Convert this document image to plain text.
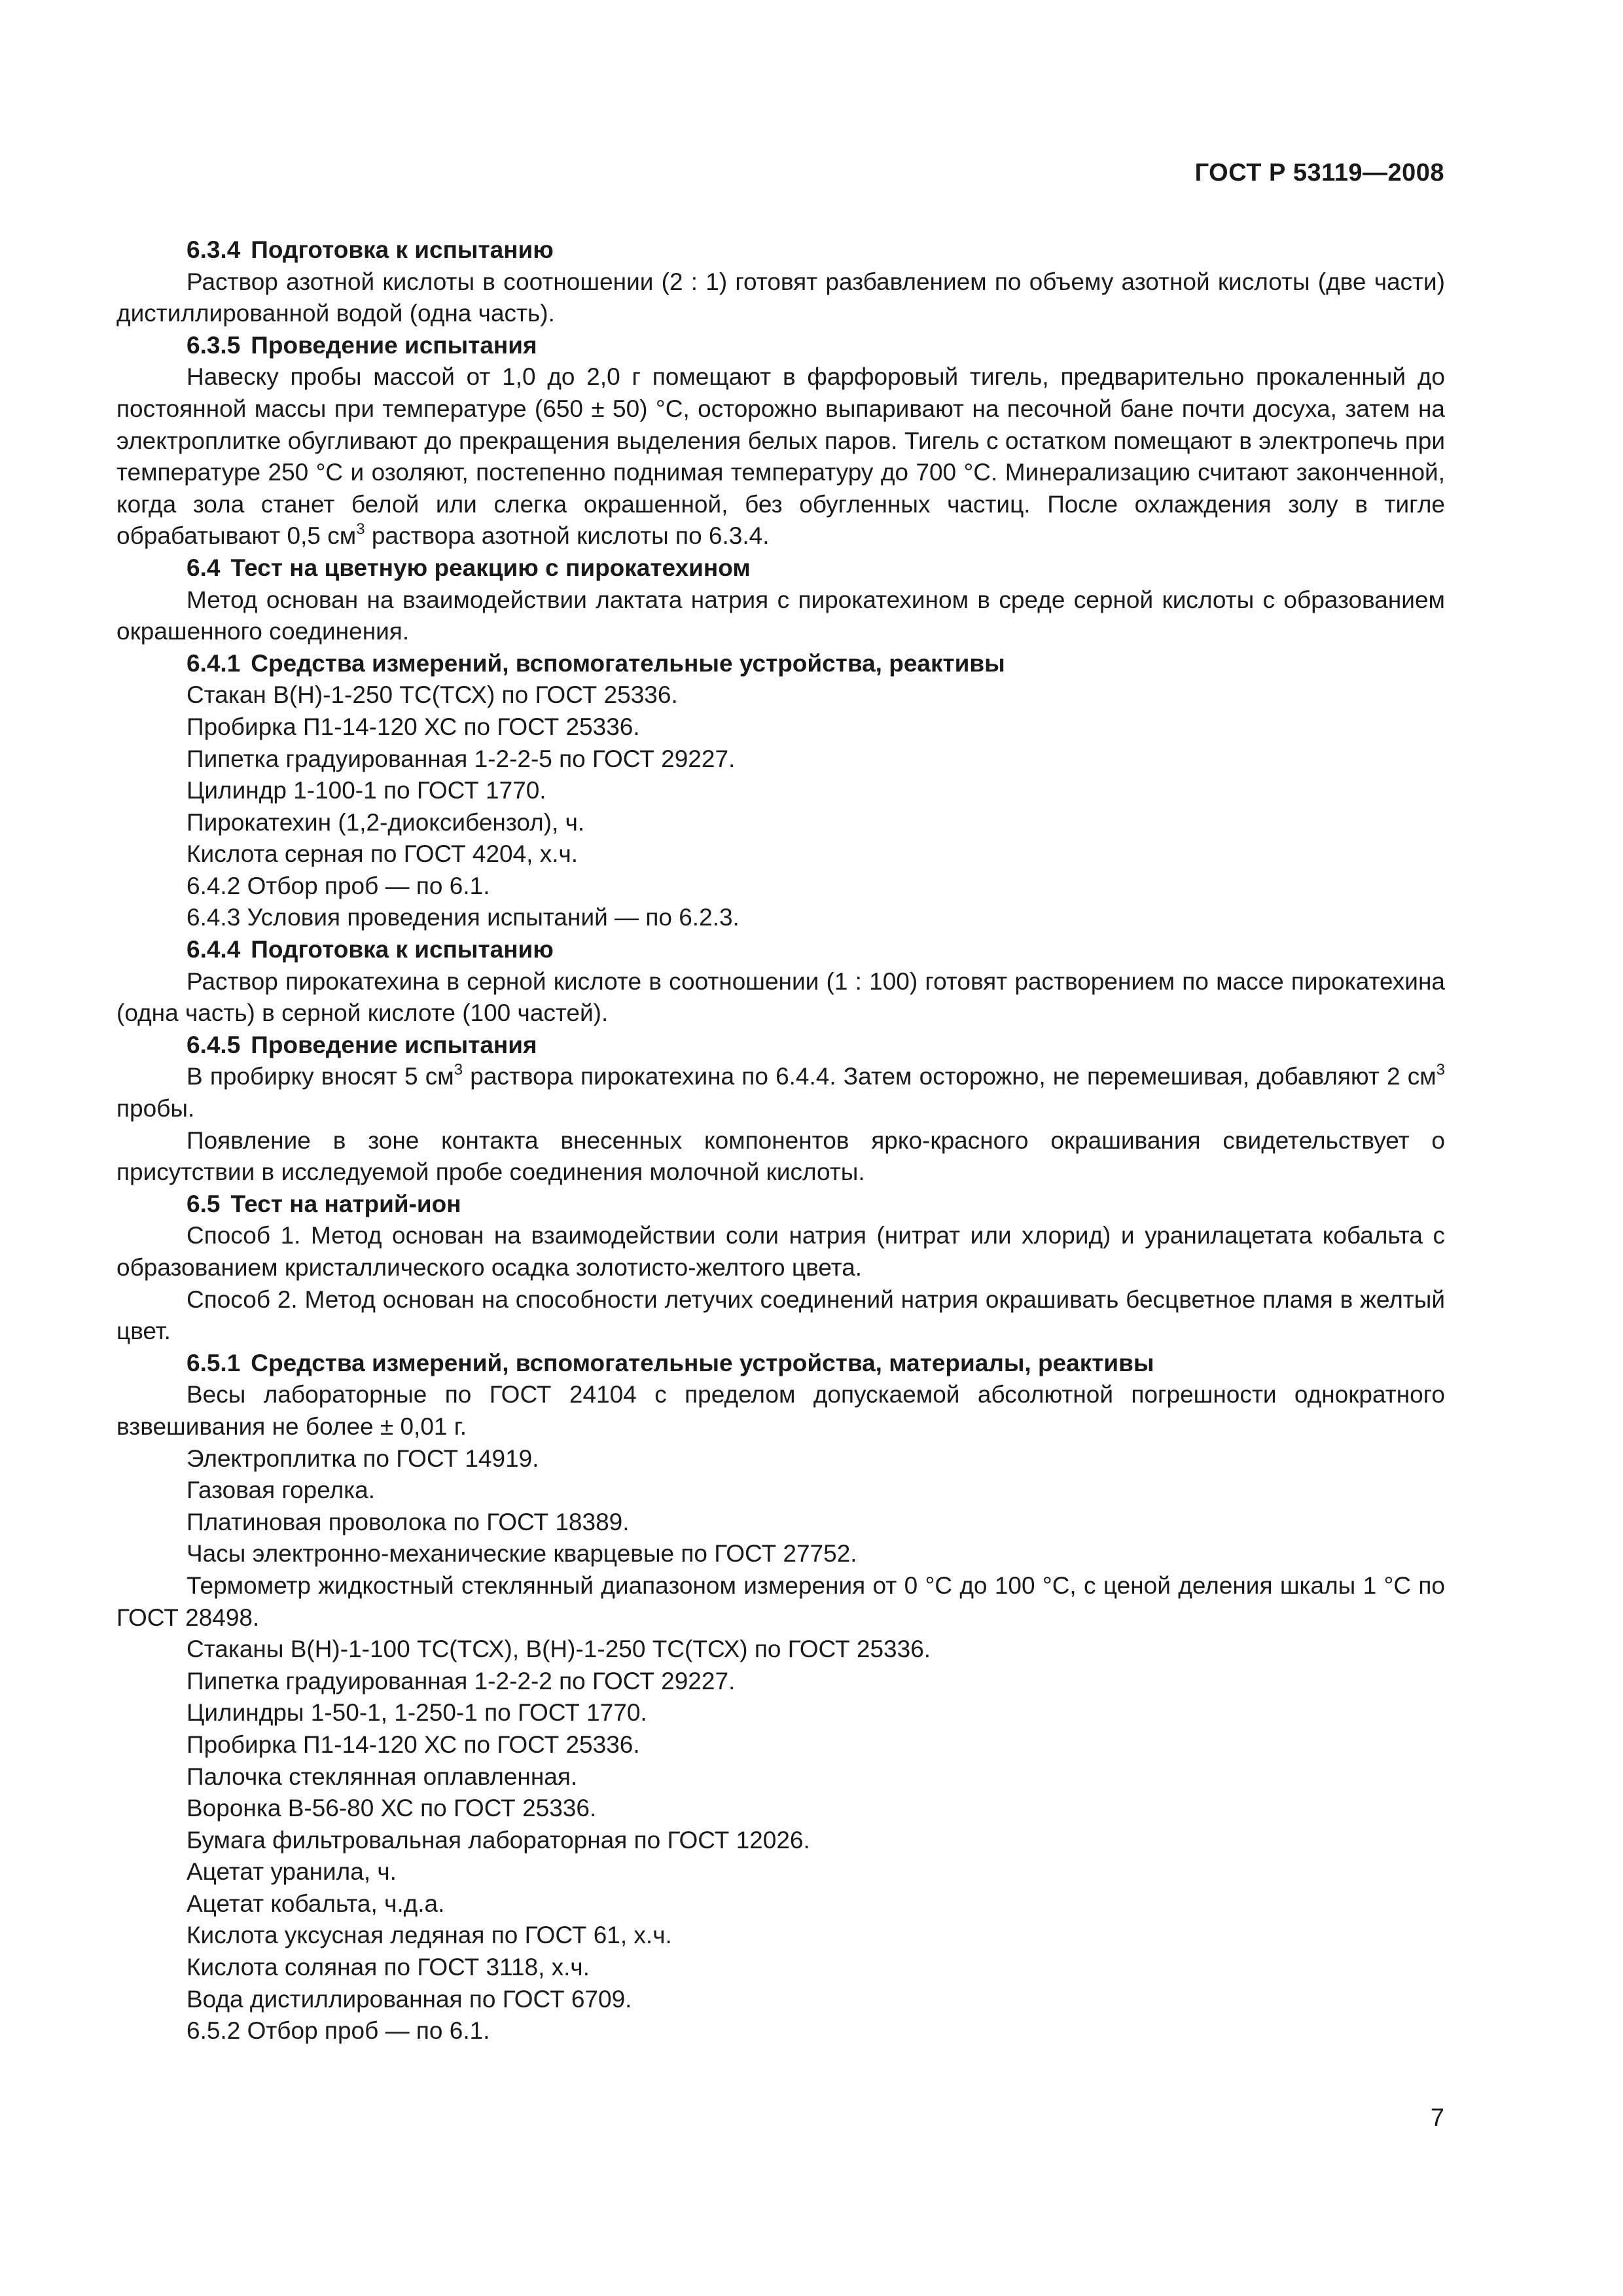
ГОСТ Р 53119—2008

6.3.4 Подготовка к испытанию

Раствор азотной кислоты в соотношении (2 : 1) готовят разбавлением по объему азотной кислоты (две части) дистиллированной водой (одна часть).

6.3.5 Проведение испытания

Навеску пробы массой от 1,0 до 2,0 г помещают в фарфоровый тигель, предварительно прокаленный до постоянной массы при температуре (650 ± 50) °С, осторожно выпаривают на песочной бане почти досуха, затем на электроплитке обугливают до прекращения выделения белых паров. Тигель с остатком помещают в электропечь при температуре 250 °С и озоляют, постепенно поднимая температуру до 700 °С. Минерализацию считают законченной, когда зола станет белой или слегка окрашенной, без обугленных частиц. После охлаждения золу в тигле обрабатывают 0,5 $см^3$ раствора азотной кислоты по 6.3.4.

6.4 Тест на цветную реакцию с пирокатехином

Метод основан на взаимодействии лактата натрия с пирокатехином в среде серной кислоты с образованием окрашенного соединения.

6.4.1 Средства измерений, вспомогательные устройства, реактивы

Стакан В(Н)-1-250 ТС(ТСХ) по ГОСТ 25336.

Пробирка П1-14-120 ХС по ГОСТ 25336.

Пипетка градуированная 1-2-2-5 по ГОСТ 29227.

Цилиндр 1-100-1 по ГОСТ 1770.

Пирокатехин (1,2-диоксибензол), ч.

Кислота серная по ГОСТ 4204, х.ч.

6.4.2 Отбор проб — по 6.1.

6.4.3 Условия проведения испытаний — по 6.2.3.

6.4.4 Подготовка к испытанию

Раствор пирокатехина в серной кислоте в соотношении (1 : 100) готовят растворением по массе пирокатехина (одна часть) в серной кислоте (100 частей).

6.4.5 Проведение испытания

В пробирку вносят 5 $см^3$ раствора пирокатехина по 6.4.4. Затем осторожно, не перемешивая, добавляют 2 $см^3$ пробы.

Появление в зоне контакта внесенных компонентов ярко-красного окрашивания свидетельствует о присутствии в исследуемой пробе соединения молочной кислоты.

6.5 Тест на натрий-ион

Способ 1. Метод основан на взаимодействии соли натрия (нитрат или хлорид) и уранилацетата кобальта с образованием кристаллического осадка золотисто-желтого цвета.

Способ 2. Метод основан на способности летучих соединений натрия окрашивать бесцветное пламя в желтый цвет.

6.5.1 Средства измерений, вспомогательные устройства, материалы, реактивы

Весы лабораторные по ГОСТ 24104 с пределом допускаемой абсолютной погрешности однократного взвешивания не более ± 0,01 г.

Электроплитка по ГОСТ 14919.

Газовая горелка.

Платиновая проволока по ГОСТ 18389.

Часы электронно-механические кварцевые по ГОСТ 27752.

Термометр жидкостный стеклянный диапазоном измерения от 0 °С до 100 °С, с ценой деления шкалы 1 °С по ГОСТ 28498.

Стаканы В(Н)-1-100 ТС(ТСХ), В(Н)-1-250 ТС(ТСХ) по ГОСТ 25336.

Пипетка градуированная 1-2-2-2 по ГОСТ 29227.

Цилиндры 1-50-1, 1-250-1 по ГОСТ 1770.

Пробирка П1-14-120 ХС по ГОСТ 25336.

Палочка стеклянная оплавленная.

Воронка В-56-80 ХС по ГОСТ 25336.

Бумага фильтровальная лабораторная по ГОСТ 12026.

Ацетат уранила, ч.

Ацетат кобальта, ч.д.а.

Кислота уксусная ледяная по ГОСТ 61, х.ч.

Кислота соляная по ГОСТ 3118, х.ч.

Вода дистиллированная по ГОСТ 6709.

6.5.2 Отбор проб — по 6.1.

7
